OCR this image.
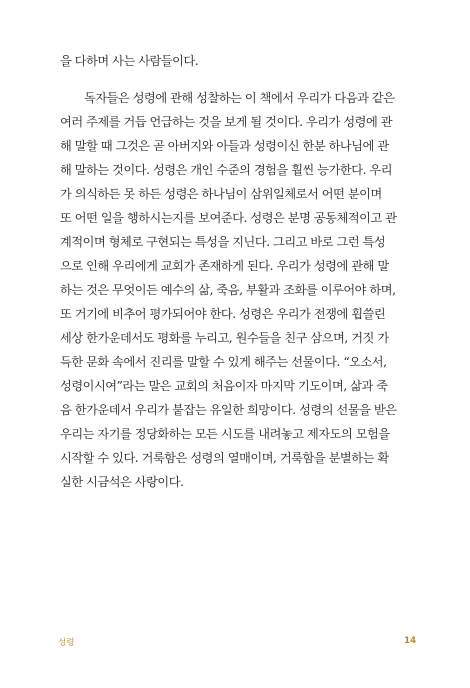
을 다하며 사는 사람들이다.
독자들은 성령에 관해 성찰하는 이 책에서 우리가 다음과 같은
여러 주제를 거듭 언급하는 것을 보게 될 것이다. 우리가 성령에 관
해 말할 때 그것은 곧 아버지와 아들과 성령이신 한분 하나님에 관
해 말하는 것이다. 성령은 개인 수준의 경험을 훨씬 능가한다. 우리
가 의식하든 못 하든 성령은 하나님이 삼위일체로서 어떤 분이며
또 어떤 일을 행하시는지를 보여준다. 성령은 분명 공동체적이고 관
계적이며 형체로 구현되는 특성을 지닌다. 그리고 바로 그런 특성
으로 인해 우리에게 교회가 존재하게 된다. 우리가 성령에 관해 말
하는 것은 무엇이든 예수의 삶, 죽음, 부활과 조화를 이루어야 하며,
또 거기에 비추어 평가되어야 한다. 성령은 우리가 전쟁에 휩쓸린
세상 한가운데서도 평화를 누리고, 원수들을 친구 삼으며, 거짓 가
득한 문화 속에서 진리를 말할 수 있게 해주는 선물이다. “오소서,
성령이시여”라는 말은 교회의 처음이자 마지막 기도이며, 삶과 죽
음 한가운데서 우리가 붙잡는 유일한 희망이다. 성령의 선물을 받은
우리는 자기를 정당화하는 모든 시도를 내려놓고 제자도의 모험을
시작할 수 있다. 거룩함은 성령의 열매이며, 거룩함을 분별하는 확
실한 시금석은 사랑이다.
성령	14
